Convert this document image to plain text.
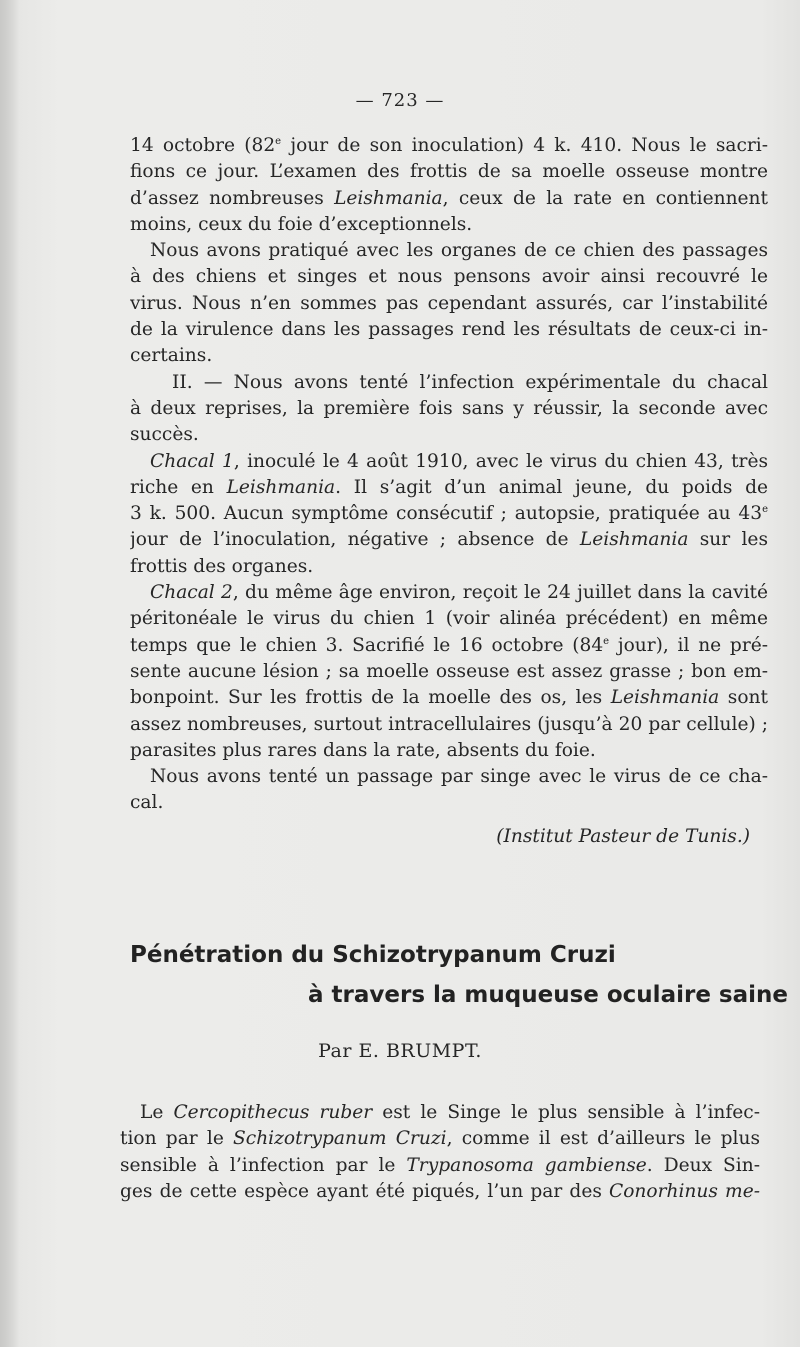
— 723 —
14 octobre (82e jour de son inoculation) 4 k. 410. Nous le sacri-
fions ce jour. L’examen des frottis de sa moelle osseuse montre
d’assez nombreuses Leishmania, ceux de la rate en contiennent
moins, ceux du foie d’exceptionnels.
Nous avons pratiqué avec les organes de ce chien des passages
à des chiens et singes et nous pensons avoir ainsi recouvré le
virus. Nous n’en sommes pas cependant assurés, car l’instabilité
de la virulence dans les passages rend les résultats de ceux-ci in-
certains.
II. — Nous avons tenté l’infection expérimentale du chacal
à deux reprises, la première fois sans y réussir, la seconde avec
succès.
Chacal 1, inoculé le 4 août 1910, avec le virus du chien 43, très
riche en Leishmania. Il s’agit d’un animal jeune, du poids de
3 k. 500. Aucun symptôme consécutif ; autopsie, pratiquée au 43e
jour de l’inoculation, négative ; absence de Leishmania sur les
frottis des organes.
Chacal 2, du même âge environ, reçoit le 24 juillet dans la cavité
péritonéale le virus du chien 1 (voir alinéa précédent) en même
temps que le chien 3. Sacrifié le 16 octobre (84e jour), il ne pré-
sente aucune lésion ; sa moelle osseuse est assez grasse ; bon em-
bonpoint. Sur les frottis de la moelle des os, les Leishmania sont
assez nombreuses, surtout intracellulaires (jusqu’à 20 par cellule) ;
parasites plus rares dans la rate, absents du foie.
Nous avons tenté un passage par singe avec le virus de ce cha-
cal.
(Institut Pasteur de Tunis.)
Pénétration du Schizotrypanum Cruzi
à travers la muqueuse oculaire saine
Par E. BRUMPT.
Le Cercopithecus ruber est le Singe le plus sensible à l’infec-
tion par le Schizotrypanum Cruzi, comme il est d’ailleurs le plus
sensible à l’infection par le Trypanosoma gambiense. Deux Sin-
ges de cette espèce ayant été piqués, l’un par des Conorhinus me-
